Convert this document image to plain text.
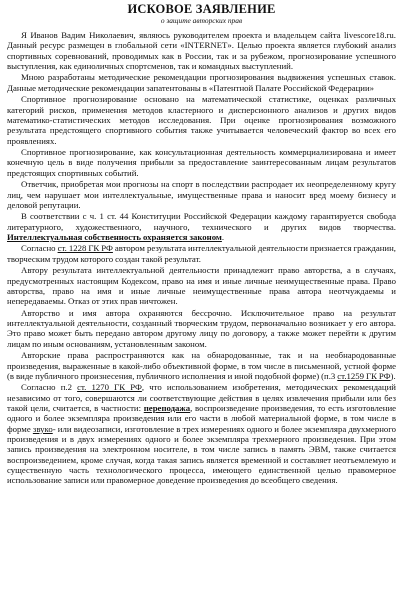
ИСКОВОЕ ЗАЯВЛЕНИЕ
о защите авторских прав

Я Иванов Вадим Николаевич, являюсь руководителем проекта и владельцем сайта livescore18.ru. Данный ресурс размещен в глобальной сети «INTERNET». Целью проекта является глубокий анализ спортивных соревнований, проводимых как в России, так и за рубежом, прогнозирование успешного выступления, как единоличных спортсменов, так и командных выступлений.

Мною разработаны методические рекомендации прогнозирования выдвижения успешных ставок. Данные методические рекомендации запатентованы в «Патентной Палате Российской Федерации»

Спортивное прогнозирование основано на математической статистике, оценках различных категорий рисков, применения методов кластерного и дисперсионного анализов и других видов математико-статистических методов исследования. При оценке прогнозирования возможного результата предстоящего спортивного события также учитывается человеческий фактор во всех его проявлениях.

Спортивное прогнозирование, как консультационная деятельность коммерциализирована и имеет конечную цель в виде получения прибыли за предоставление заинтересованным лицам результатов предстоящих спортивных событий.

Ответчик, приобретая мои прогнозы на спорт в последствии распродает их неопределенному кругу лиц, чем нарушает мои интеллектуальные, имущественные права и наносит вред моему бизнесу и деловой репутации.

В соответствии с ч. 1 ст. 44 Конституции Российской Федерации каждому гарантируется свобода литературного, художественного, научного, технического и других видов творчества. Интеллектуальная собственность охраняется законом.

Согласно ст. 1228 ГК РФ автором результата интеллектуальной деятельности признается гражданин, творческим трудом которого создан такой результат.

Автору результата интеллектуальной деятельности принадлежит право авторства, а в случаях, предусмотренных настоящим Кодексом, право на имя и иные личные неимущественные права. Право авторства, право на имя и иные личные неимущественные права автора неотчуждаемы и непередаваемы. Отказ от этих прав ничтожен.

Авторство и имя автора охраняются бессрочно. Исключительное право на результат интеллектуальной деятельности, созданный творческим трудом, первоначально возникает у его автора. Это право может быть передано автором другому лицу по договору, а также может перейти к другим лицам по иным основаниям, установленным законом.

Авторские права распространяются как на обнародованные, так и на необнародованные произведения, выраженные в какой-либо объективной форме, в том числе в письменной, устной форме (в виде публичного произнесения, публичного исполнения и иной подобной форме) (п.3 ст.1259 ГК РФ).

Согласно п.2 ст. 1270 ГК РФ, что использованием изобретения, методических рекомендаций независимо от того, совершаются ли соответствующие действия в целях извлечения прибыли или без такой цели, считается, в частности: переподажа, воспроизведение произведения, то есть изготовление одного и более экземпляра произведения или его части в любой материальной форме, в том числе в форме звуко- или видеозаписи, изготовление в трех измерениях одного и более экземпляра двухмерного произведения и в двух измерениях одного и более экземпляра трехмерного произведения. При этом запись произведения на электронном носителе, в том числе запись в память ЭВМ, также считается воспроизведением, кроме случая, когда такая запись является временной и составляет неотъемлемую и существенную часть технологического процесса, имеющего единственной целью правомерное использование записи или правомерное доведение произведения до всеобщего сведения.
